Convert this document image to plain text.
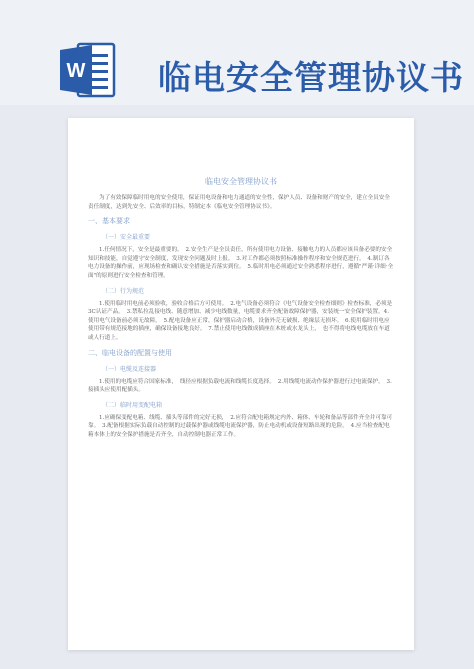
W 临电安全管理协议书
临电安全管理协议书
为了有效保障临时用电的安全使用，保证用电设备和电力通道的安全性，保护人员、设备和财产的安全，建立全员安全责任制度，达到先安全、后效率的目标，特制定本《临电安全管理协议书》。
一、基本要求
（一）安全最重要
1.任何情况下，安全是最重要的。　2.安全生产是全员责任，所有使用电力设备、接触电力的人员都应该具备必要的安全知识和技能，自觉遵守安全制度，发现安全问题及时上报。　3.对工作都必须按照标准操作程序和安全规范进行。　4.制订各电力设备的操作前，应现场检查和确认安全措施是否落实到位。　5.临时用电必须通过安全熟悉程序进行，遵循"严谨·详细·全面"的原则进行安全检查和管理。
（二）行为规范
1.使用临时用电前必须验收，验收合格后方可使用。　2.电气设备必须符合《电气设备安全检查细则》检查标准，必须是3C认证产品。　3.禁私拉乱接电线、随意增加、减少电线数量，电缆要求齐全配备故障保护器，安装统一安全保护装置。4.使用电气设备前必须无故障，　5.配电设备应正常，保护器启动合格，设备外壳无破损、绝缘层无损坏。　6.使用临时用电应使用带有规范接地的插座，确保设备接地良好。　7.禁止使用电线做成插座在木桩或水龙头上，　也不得将电线电缆放在车道或人行道上。
二、临电设备的配置与使用
（一）电缆及连接器
1.使用的电缆应符合国家标准，　线径应根据负载电流和线缆长度选择。　2.用线缆电流动作保护器进行过电流保护。　3.接插头应使用配插头。
（二）临时用变配电箱
1.应确保变配电箱、线缆、插头等部件的完好无损，　2.应符合配电箱规定内外、箱体、车轮和备品等部件齐全并可靠可靠。　3.配备根据实际负载自动控制的过载保护器或线缆电流保护器，防止电动机或设备短路出现的危险。　4.应当检查配电箱本体上的安全保护措施是否齐全，自动控制电器正常工作。
